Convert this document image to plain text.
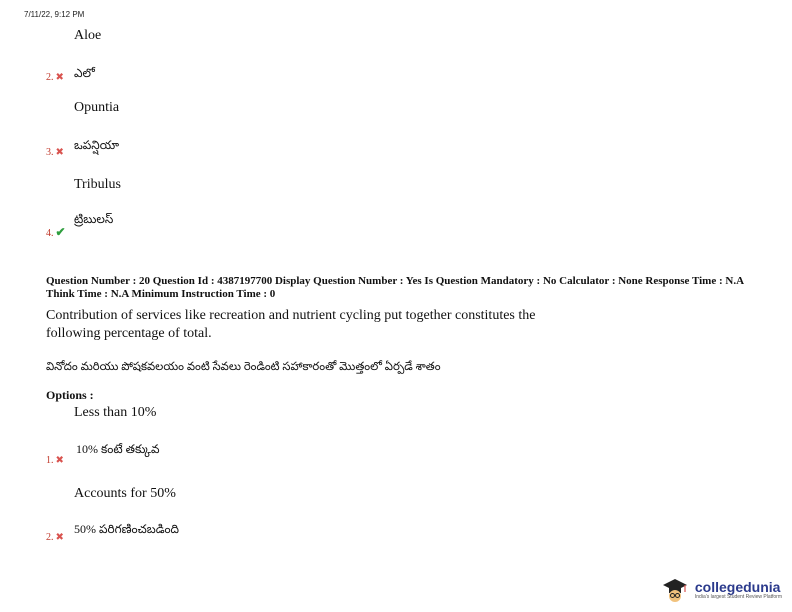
7/11/22, 9:12 PM
Aloe
2. ✖ ఎలో
Opuntia
3. ✖
ఒపన్షియా
Tribulus
4. ✔
ట్రిబులస్
Question Number : 20 Question Id : 4387197700 Display Question Number : Yes Is Question Mandatory : No Calculator : None Response Time : N.A Think Time : N.A Minimum Instruction Time : 0
Contribution of services like recreation and nutrient cycling put together constitutes the following percentage of total.
వినోదం మరియు పోషకవలయం వంటి సేవలు రెండింటి సహాకారంతో మొత్తంలో ఏర్పడే శాతం
Options :
Less than 10%
1. ✖
10% కంటే తక్కువ
Accounts for 50%
2. ✖
50% పరిగణించబడింది
collegedunia
India's largest Student Review Platform
